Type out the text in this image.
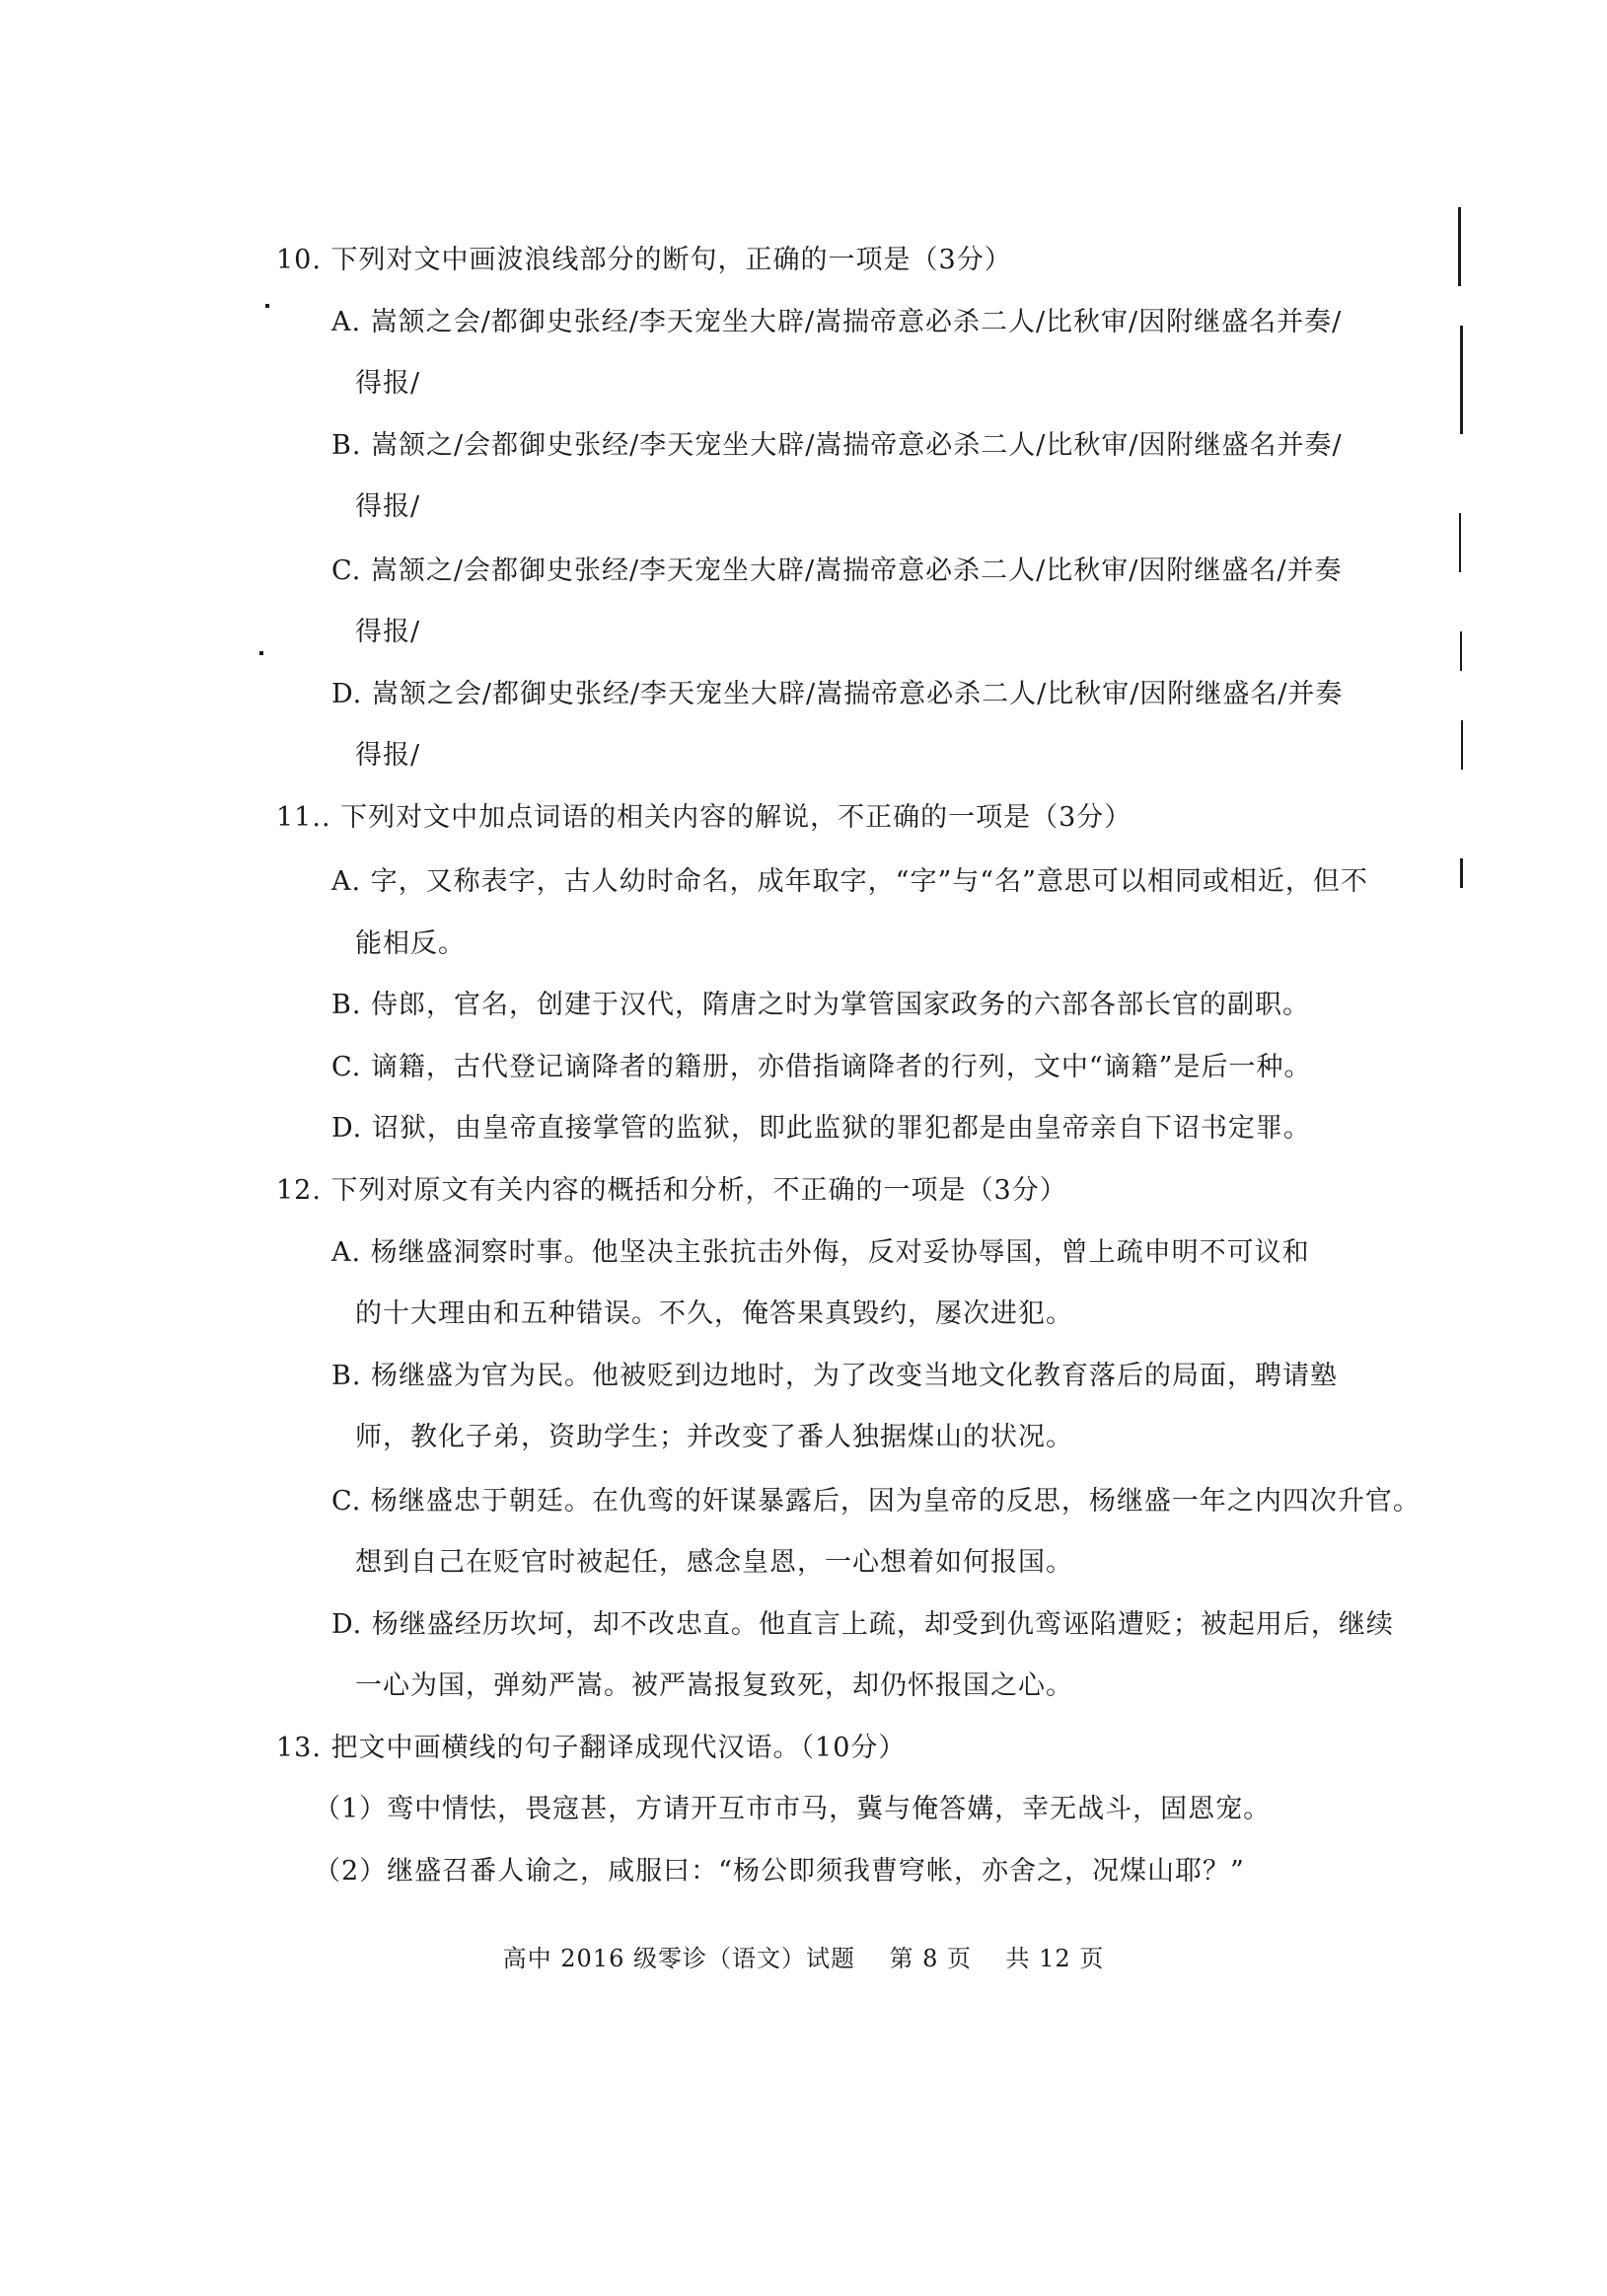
10. 下列对文中画波浪线部分的断句，正确的一项是（3分）
A. 嵩颔之会/都御史张经/李天宠坐大辟/嵩揣帝意必杀二人/比秋审/因附继盛名并奏/
得报/
B. 嵩颔之/会都御史张经/李天宠坐大辟/嵩揣帝意必杀二人/比秋审/因附继盛名并奏/
得报/
C. 嵩颔之/会都御史张经/李天宠坐大辟/嵩揣帝意必杀二人/比秋审/因附继盛名/并奏
得报/
D. 嵩颔之会/都御史张经/李天宠坐大辟/嵩揣帝意必杀二人/比秋审/因附继盛名/并奏
得报/
11.. 下列对文中加点词语的相关内容的解说，不正确的一项是（3分）
A. 字，又称表字，古人幼时命名，成年取字，“字”与“名”意思可以相同或相近，但不
能相反。
B. 侍郎，官名，创建于汉代，隋唐之时为掌管国家政务的六部各部长官的副职。
C. 谪籍，古代登记谪降者的籍册，亦借指谪降者的行列，文中“谪籍”是后一种。
D. 诏狱，由皇帝直接掌管的监狱，即此监狱的罪犯都是由皇帝亲自下诏书定罪。
12. 下列对原文有关内容的概括和分析，不正确的一项是（3分）
A. 杨继盛洞察时事。他坚决主张抗击外侮，反对妥协辱国，曾上疏申明不可议和
的十大理由和五种错误。不久，俺答果真毁约，屡次进犯。
B. 杨继盛为官为民。他被贬到边地时，为了改变当地文化教育落后的局面，聘请塾
师，教化子弟，资助学生；并改变了番人独据煤山的状况。
C. 杨继盛忠于朝廷。在仇鸾的奸谋暴露后，因为皇帝的反思，杨继盛一年之内四次升官。
想到自己在贬官时被起任，感念皇恩，一心想着如何报国。
D. 杨继盛经历坎坷，却不改忠直。他直言上疏，却受到仇鸾诬陷遭贬；被起用后，继续
一心为国，弹劾严嵩。被严嵩报复致死，却仍怀报国之心。
13. 把文中画横线的句子翻译成现代汉语。（10分）
（1）鸾中情怯，畏寇甚，方请开互市市马，冀与俺答媾，幸无战斗，固恩宠。
（2）继盛召番人谕之，咸服曰：“杨公即须我曹穹帐，亦舍之，况煤山耶？”
高中 2016 级零诊（语文）试题    第 8 页    共 12 页
